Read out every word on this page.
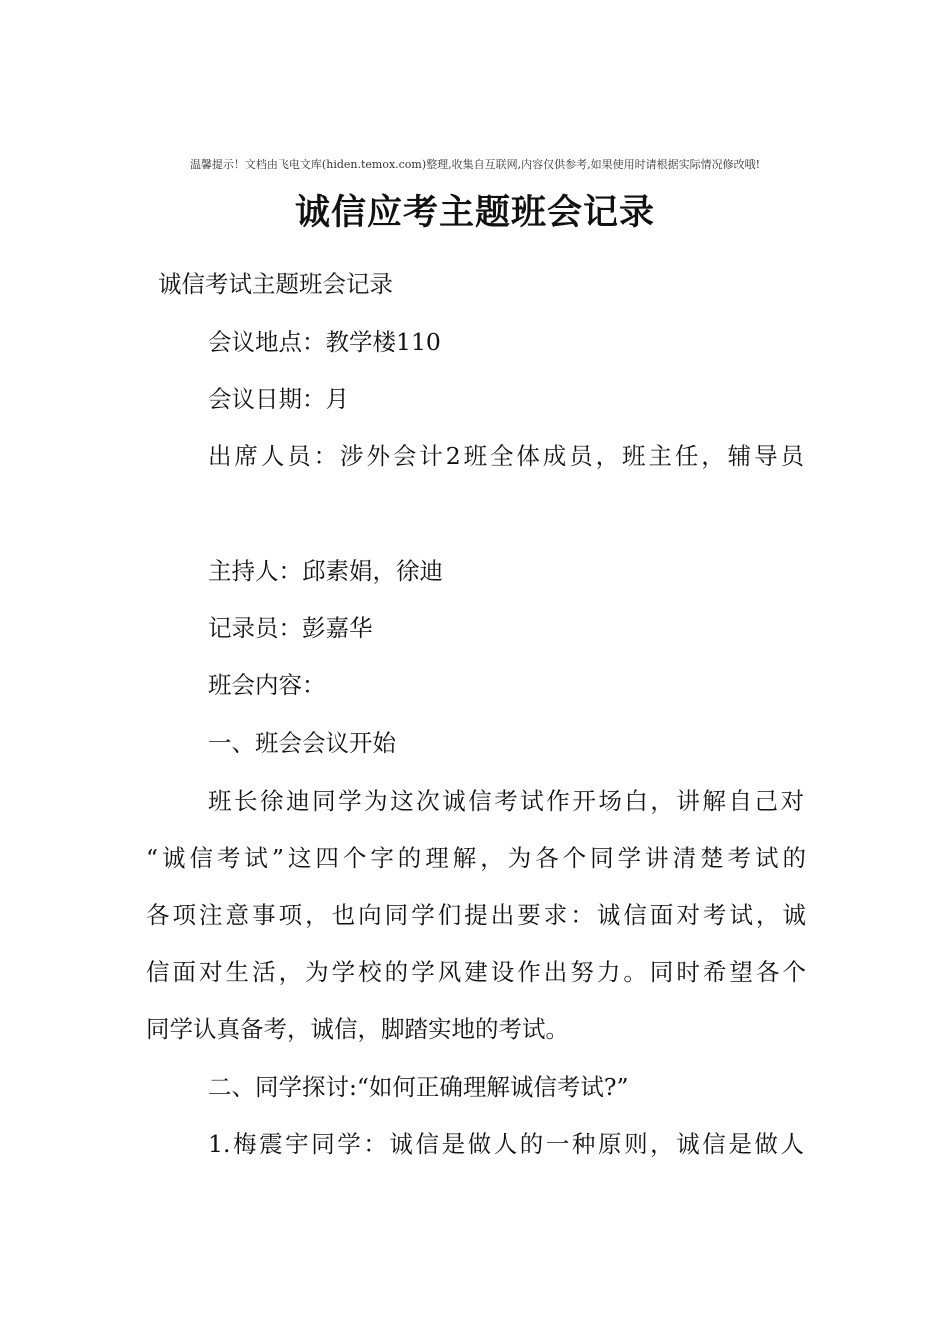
温馨提示！文档由飞电文库(hiden.temox.com)整理,收集自互联网,内容仅供参考,如果使用时请根据实际情况修改哦!
诚信应考主题班会记录

诚信考试主题班会记录

会议地点：教学楼110

会议日期：月

出席人员：涉外会计2班全体成员，班主任，辅导员

主持人：邱素娟，徐迪

记录员：彭嘉华

班会内容：

一、班会会议开始

班长徐迪同学为这次诚信考试作开场白，讲解自己对

“诚信考试”这四个字的理解，为各个同学讲清楚考试的

各项注意事项，也向同学们提出要求：诚信面对考试，诚

信面对生活，为学校的学风建设作出努力。同时希望各个

同学认真备考，诚信，脚踏实地的考试。

二、同学探讨:“如何正确理解诚信考试?”

1.梅震宇同学：诚信是做人的一种原则，诚信是做人
